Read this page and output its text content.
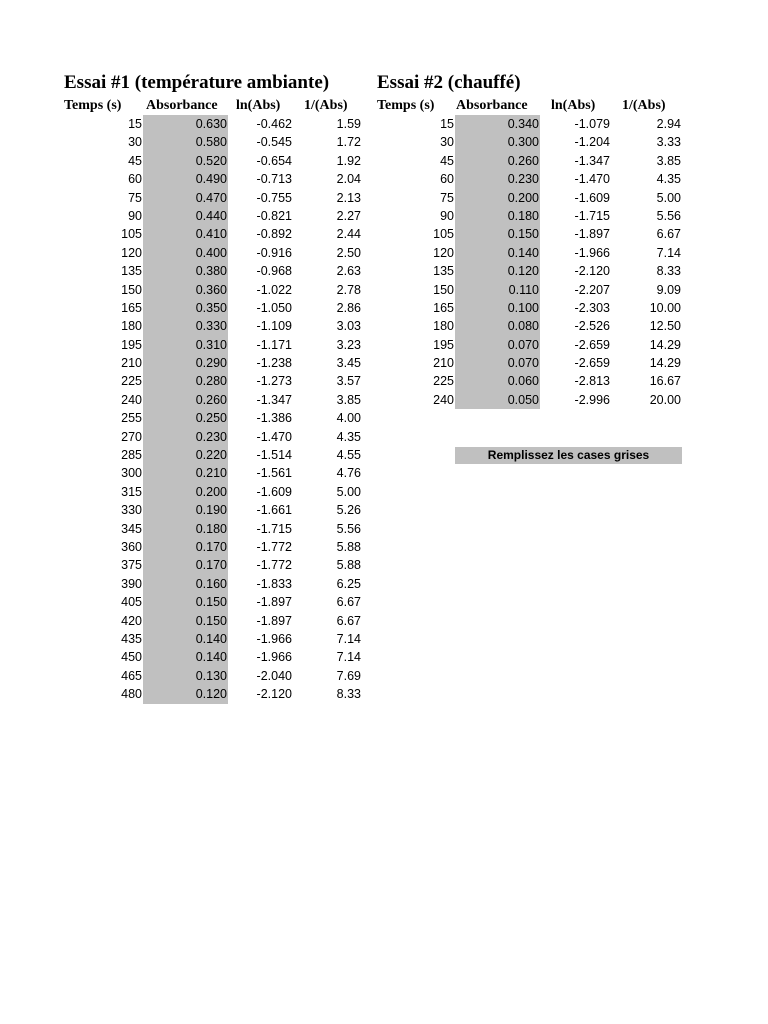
Essai #1 (température ambiante)
Temps (s) Absorbance ln(Abs) 1/(Abs)
15	0.630	-0.462	1.59
30	0.580	-0.545	1.72
45	0.520	-0.654	1.92
60	0.490	-0.713	2.04
75	0.470	-0.755	2.13
90	0.440	-0.821	2.27
105	0.410	-0.892	2.44
120	0.400	-0.916	2.50
135	0.380	-0.968	2.63
150	0.360	-1.022	2.78
165	0.350	-1.050	2.86
180	0.330	-1.109	3.03
195	0.310	-1.171	3.23
210	0.290	-1.238	3.45
225	0.280	-1.273	3.57
240	0.260	-1.347	3.85
255	0.250	-1.386	4.00
270	0.230	-1.470	4.35
285	0.220	-1.514	4.55
300	0.210	-1.561	4.76
315	0.200	-1.609	5.00
330	0.190	-1.661	5.26
345	0.180	-1.715	5.56
360	0.170	-1.772	5.88
375	0.170	-1.772	5.88
390	0.160	-1.833	6.25
405	0.150	-1.897	6.67
420	0.150	-1.897	6.67
435	0.140	-1.966	7.14
450	0.140	-1.966	7.14
465	0.130	-2.040	7.69
480	0.120	-2.120	8.33
Essai #2 (chauffé)
Temps (s) Absorbance ln(Abs) 1/(Abs)
15	0.340	-1.079	2.94
30	0.300	-1.204	3.33
45	0.260	-1.347	3.85
60	0.230	-1.470	4.35
75	0.200	-1.609	5.00
90	0.180	-1.715	5.56
105	0.150	-1.897	6.67
120	0.140	-1.966	7.14
135	0.120	-2.120	8.33
150	0.110	-2.207	9.09
165	0.100	-2.303	10.00
180	0.080	-2.526	12.50
195	0.070	-2.659	14.29
210	0.070	-2.659	14.29
225	0.060	-2.813	16.67
240	0.050	-2.996	20.00
Remplissez les cases grises
